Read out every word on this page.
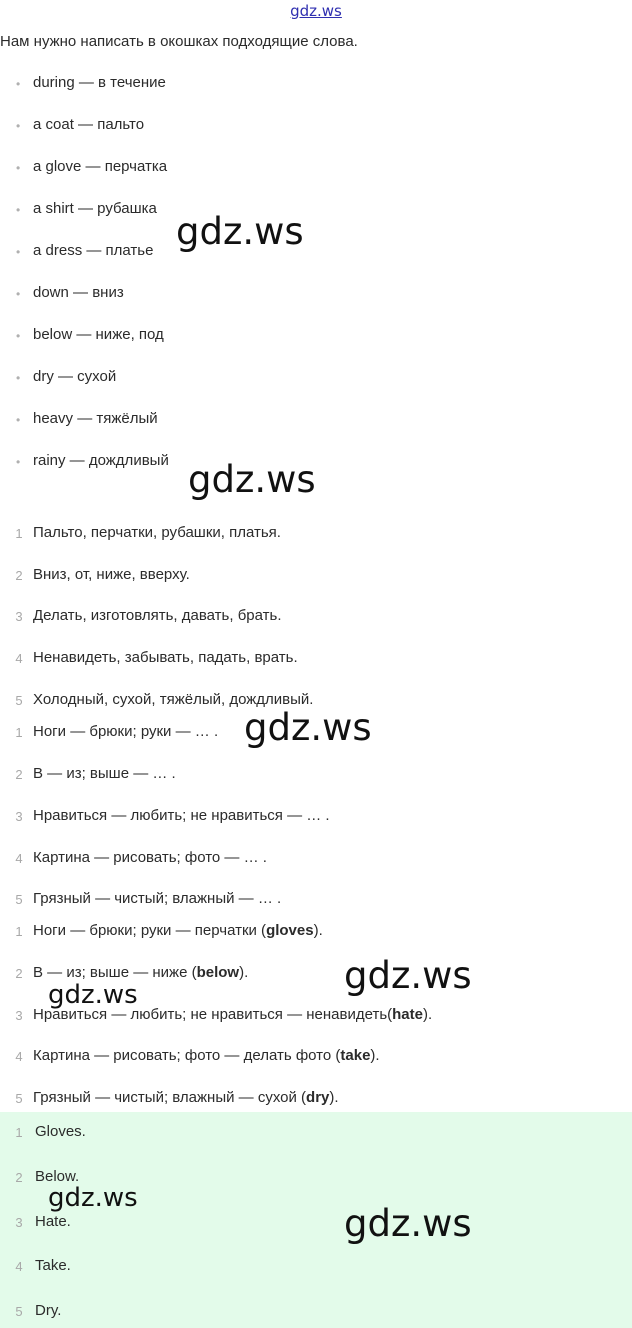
gdz.ws
Нам нужно написать в окошках подходящие слова.
• during — в течение
• a coat — пальто
• a glove — перчатка
• a shirt — рубашка
• a dress — платье
• down — вниз
• below — ниже, под
• dry — сухой
• heavy — тяжёлый
• rainy — дождливый
1 Пальто, перчатки, рубашки, платья.
2 Вниз, от, ниже, вверху.
3 Делать, изготовлять, давать, брать.
4 Ненавидеть, забывать, падать, врать.
5 Холодный, сухой, тяжёлый, дождливый.
1 Ноги — брюки; руки — … .
2 В — из; выше — … .
3 Нравиться — любить; не нравиться — … .
4 Картина — рисовать; фото — … .
5 Грязный — чистый; влажный — … .
1 Ноги — брюки; руки — перчатки (gloves).
2 В — из; выше — ниже (below).
3 Нравиться — любить; не нравиться — ненавидеть(hate).
4 Картина — рисовать; фото — делать фото (take).
5 Грязный — чистый; влажный — сухой (dry).
1 Gloves.
2 Below.
3 Hate.
4 Take.
5 Dry.
gdz.ws
gdz.ws
gdz.ws
gdz.ws
gdz.ws
gdz.ws
gdz.ws
